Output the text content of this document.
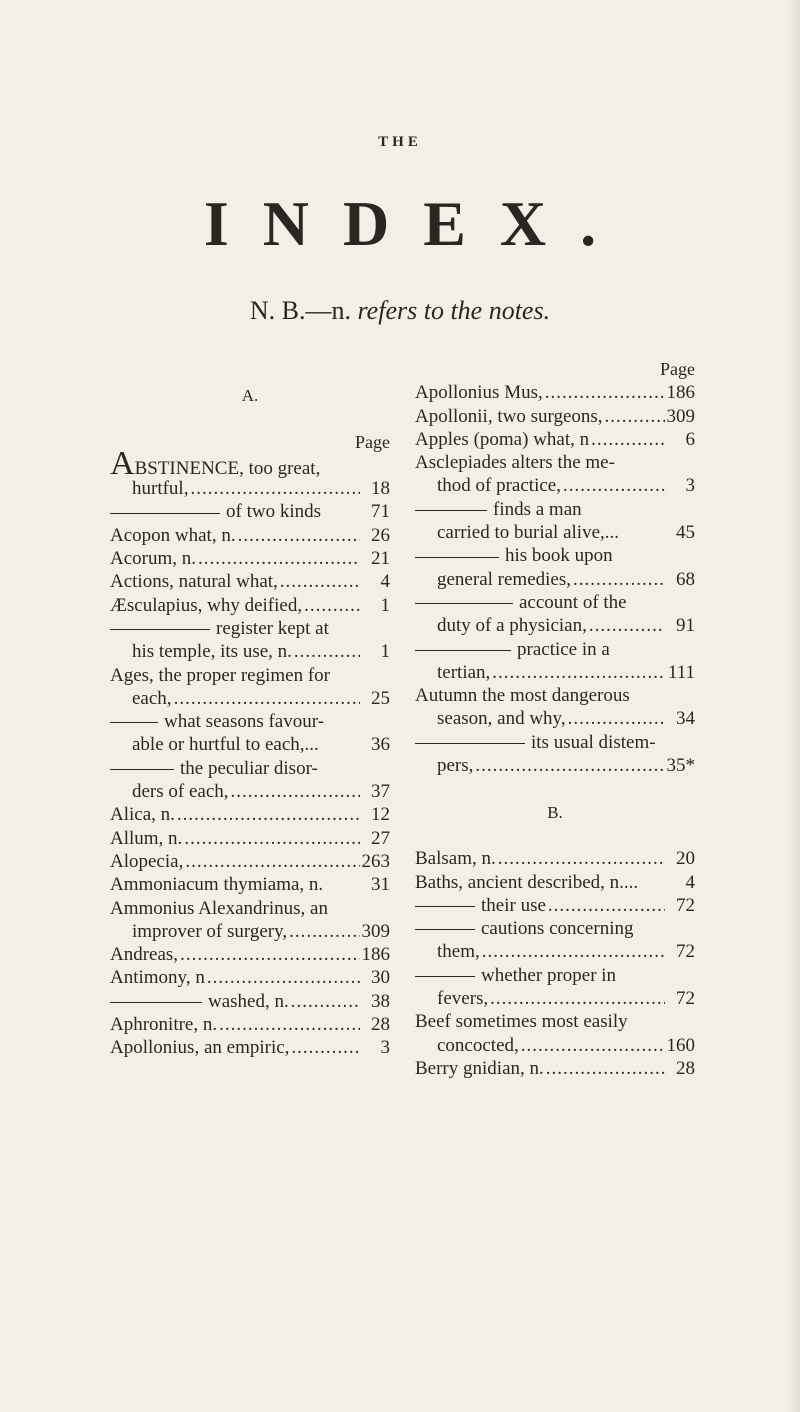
THE
INDEX.
N. B.—n. refers to the notes.
A.
Page
ABSTINENCE, too great,
hurtful, .....	18
of two kinds	71
Acopon what, n. .....	26
Acorum, n. .....	21
Actions, natural what, .....	4
Æsculapius, why deified, .....	1
register kept at
his temple, its use, n. .....	1
Ages, the proper regimen for
each, .....	25
what seasons favour-
able or hurtful to each,...	36
the peculiar disor-
ders of each, .....	37
Alica, n. .....	12
Allum, n. .....	27
Alopecia, .....	263
Ammoniacum thymiama, n.	31
Ammonius Alexandrinus, an
improver of surgery, .....	309
Andreas, .....	186
Antimony, n .....	30
washed, n. .....	38
Aphronitre, n. .....	28
Apollonius, an empiric, .....	3
Page
Apollonius Mus, .....	186
Apollonii, two surgeons, .....	309
Apples (poma) what, n .....	6
Asclepiades alters the me-
thod of practice, .....	3
finds a man
carried to burial alive,...	45
his book upon
general remedies, .....	68
account of the
duty of a physician, .....	91
practice in a
tertian, .....	111
Autumn the most dangerous
season, and why, .....	34
its usual distem-
pers, .....	35*
B.
Balsam, n. .....	20
Baths, ancient described, n....	4
their use .....	72
cautions concerning
them, .....	72
whether proper in
fevers, .....	72
Beef sometimes most easily
concocted, .....	160
Berry gnidian, n. .....	28
